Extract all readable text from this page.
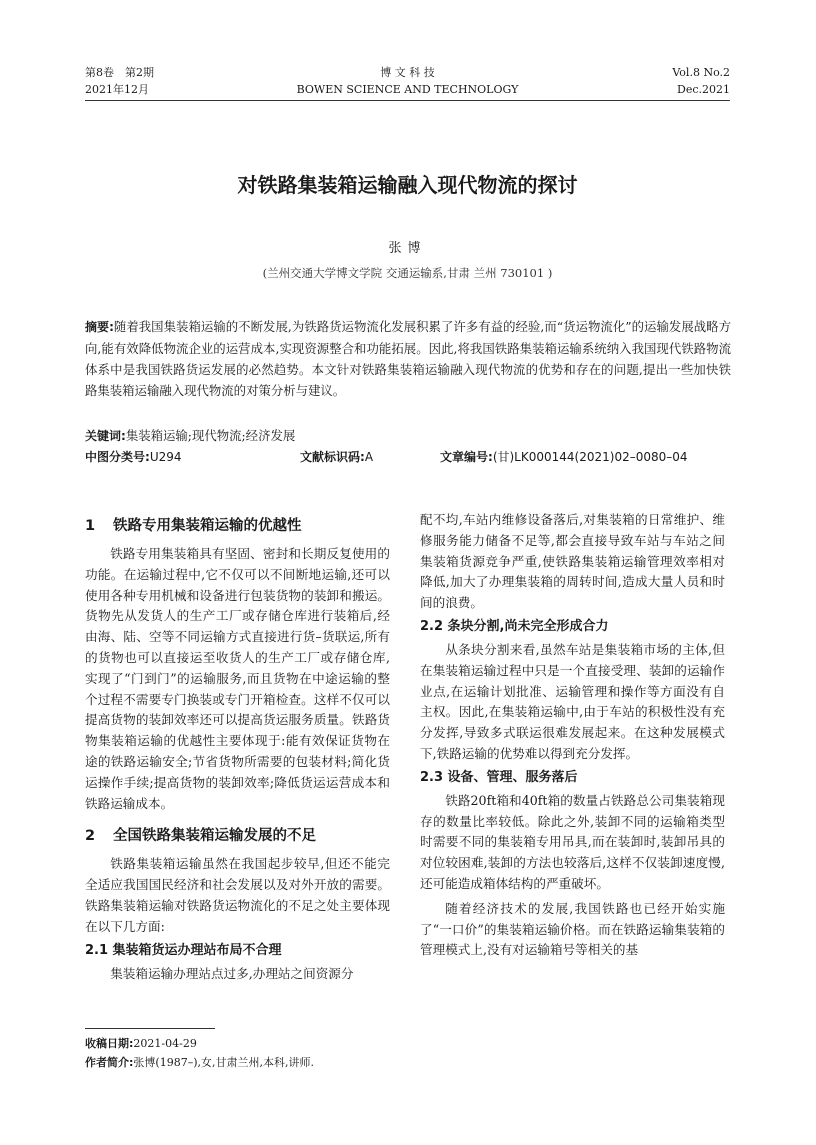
第8卷　第2期
2021年12月
博 文 科 技
BOWEN SCIENCE AND TECHNOLOGY
Vol.8 No.2
Dec.2021
对铁路集装箱运输融入现代物流的探讨
张博
(兰州交通大学博文学院 交通运输系,甘肃 兰州 730101 )
摘要:随着我国集装箱运输的不断发展,为铁路货运物流化发展积累了许多有益的经验,而“货运物流化”的运输发展战略方向,能有效降低物流企业的运营成本,实现资源整合和功能拓展。因此,将我国铁路集装箱运输系统纳入我国现代铁路物流体系中是我国铁路货运发展的必然趋势。本文针对铁路集装箱运输融入现代物流的优势和存在的问题,提出一些加快铁路集装箱运输融入现代物流的对策分析与建议。
关键词:集装箱运输;现代物流;经济发展
中图分类号:U294	文献标识码:A	文章编号:(甘)LK000144(2021)02–0080–04
1 铁路专用集装箱运输的优越性

铁路专用集装箱具有坚固、密封和长期反复使用的功能。在运输过程中,它不仅可以不间断地运输,还可以使用各种专用机械和设备进行包装货物的装卸和搬运。货物先从发货人的生产工厂或存储仓库进行装箱后,经由海、陆、空等不同运输方式直接进行货–货联运,所有的货物也可以直接运至收货人的生产工厂或存储仓库,实现了“门到门”的运输服务,而且货物在中途运输的整个过程不需要专门换装或专门开箱检查。这样不仅可以提高货物的装卸效率还可以提高货运服务质量。铁路货物集装箱运输的优越性主要体现于:能有效保证货物在途的铁路运输安全;节省货物所需要的包装材料;简化货运操作手续;提高货物的装卸效率;降低货运运营成本和铁路运输成本。

2 全国铁路集装箱运输发展的不足

铁路集装箱运输虽然在我国起步较早,但还不能完全适应我国国民经济和社会发展以及对外开放的需要。铁路集装箱运输对铁路货运物流化的不足之处主要体现在以下几方面:

2.1 集装箱货运办理站布局不合理

集装箱运输办理站点过多,办理站之间资源分

配不均,车站内维修设备落后,对集装箱的日常维护、维修服务能力储备不足等,都会直接导致车站与车站之间集装箱货源竞争严重,使铁路集装箱运输管理效率相对降低,加大了办理集装箱的周转时间,造成大量人员和时间的浪费。

2.2 条块分割,尚未完全形成合力

从条块分割来看,虽然车站是集装箱市场的主体,但在集装箱运输过程中只是一个直接受理、装卸的运输作业点,在运输计划批准、运输管理和操作等方面没有自主权。因此,在集装箱运输中,由于车站的积极性没有充分发挥,导致多式联运很难发展起来。在这种发展模式下,铁路运输的优势难以得到充分发挥。

2.3 设备、管理、服务落后

铁路20ft箱和40ft箱的数量占铁路总公司集装箱现存的数量比率较低。除此之外,装卸不同的运输箱类型时需要不同的集装箱专用吊具,而在装卸时,装卸吊具的对位较困难,装卸的方法也较落后,这样不仅装卸速度慢,还可能造成箱体结构的严重破坏。

随着经济技术的发展,我国铁路也已经开始实施了“一口价”的集装箱运输价格。而在铁路运输集装箱的管理模式上,没有对运输箱号等相关的基

收稿日期:2021-04-29
作者简介:张博(1987–),女,甘肃兰州,本科,讲师.
